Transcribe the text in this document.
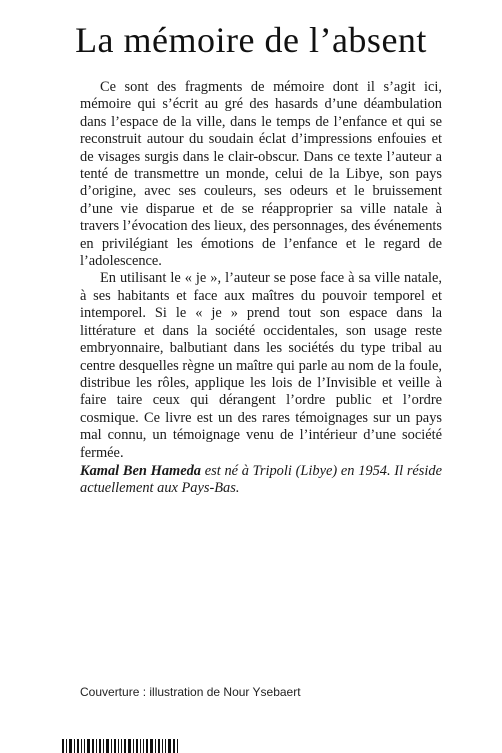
La mémoire de l’absent

Ce sont des fragments de mémoire dont il s’agit ici, mémoire qui s’écrit au gré des hasards d’une déambulation dans l’espace de la ville, dans le temps de l’enfance et qui se reconstruit autour du soudain éclat d’impressions enfouies et de visages surgis dans le clair-obscur. Dans ce texte l’auteur a tenté de transmettre un monde, celui de la Libye, son pays d’origine, avec ses couleurs, ses odeurs et le bruissement d’une vie disparue et de se réapproprier sa ville natale à travers l’évocation des lieux, des personnages, des événements en privilégiant les émotions de l’enfance et le regard de l’adolescence.

En utilisant le « je », l’auteur se pose face à sa ville natale, à ses habitants et face aux maîtres du pouvoir temporel et intemporel. Si le « je » prend tout son espace dans la littérature et dans la société occidentales, son usage reste embryonnaire, balbutiant dans les sociétés du type tribal au centre desquelles règne un maître qui parle au nom de la foule, distribue les rôles, applique les lois de l’Invisible et veille à faire taire ceux qui dérangent l’ordre public et l’ordre cosmique. Ce livre est un des rares témoignages sur un pays mal connu, un témoignage venu de l’intérieur d’une société fermée.

Kamal Ben Hameda est né à Tripoli (Libye) en 1954. Il réside actuellement aux Pays-Bas.
Couverture : illustration de Nour Ysebaert
